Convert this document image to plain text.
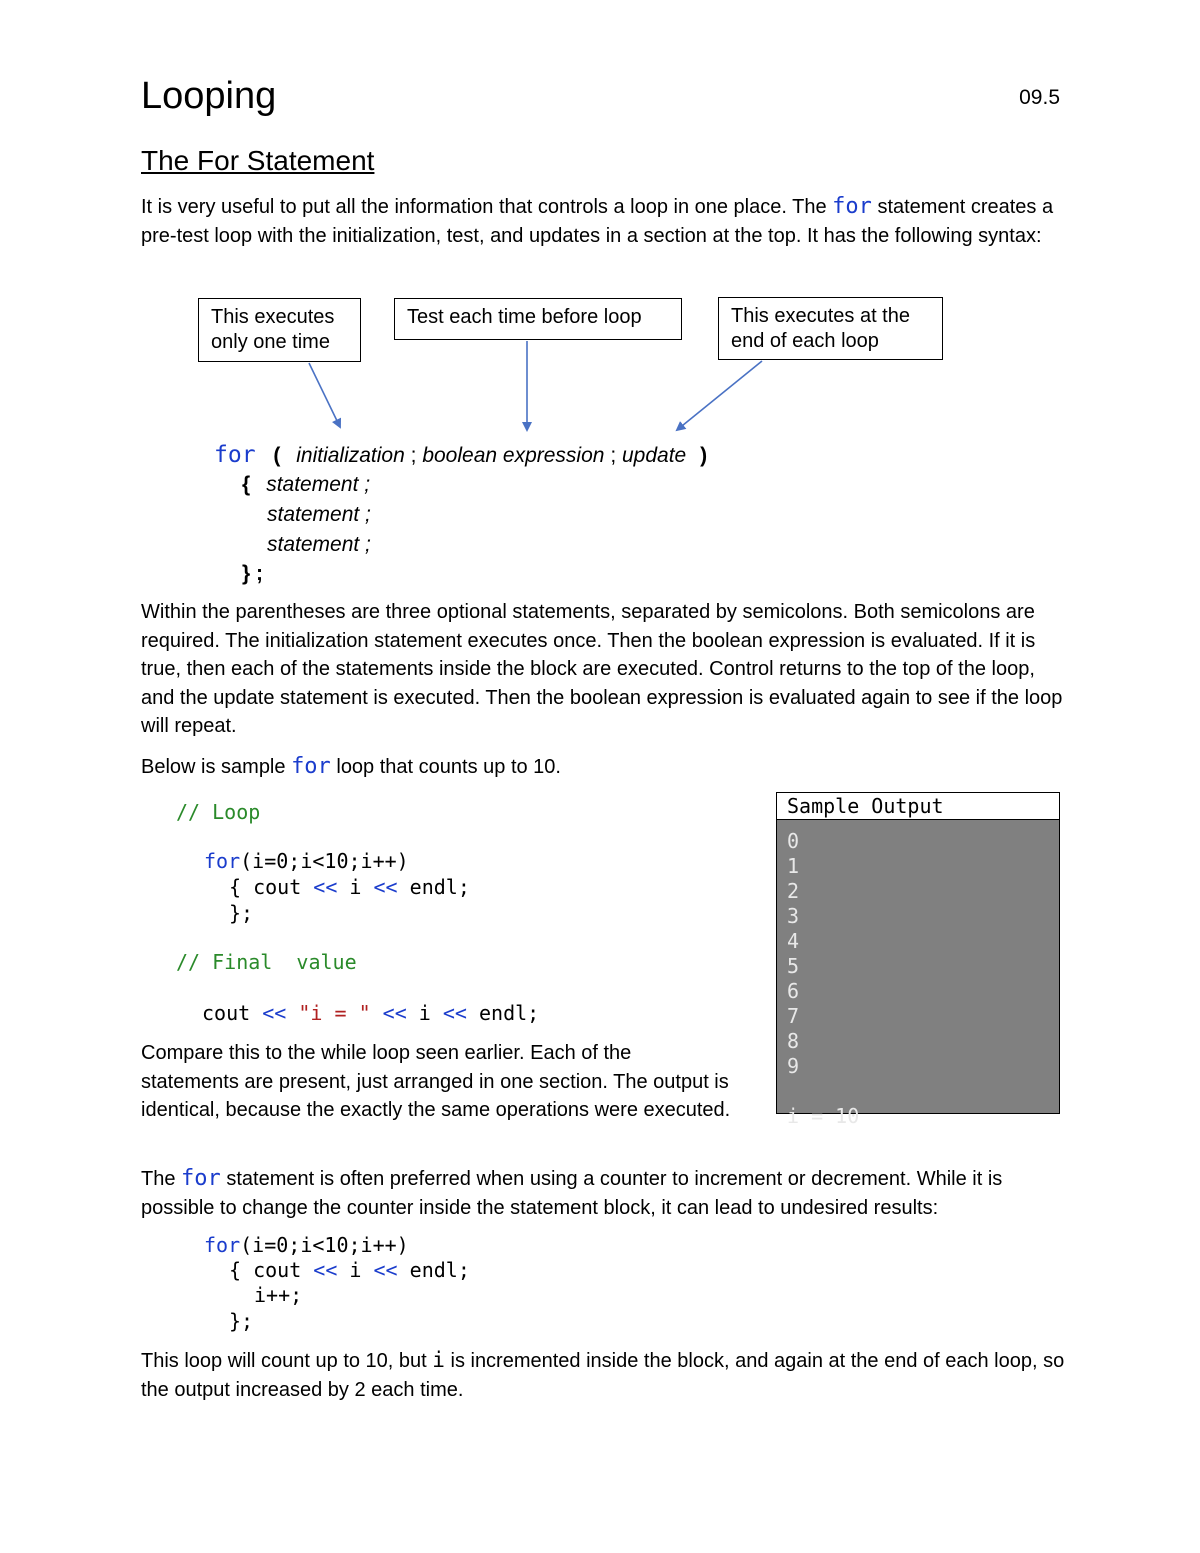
Looping	09.5
The For Statement
It is very useful to put all the information that controls a loop in one place. The for statement creates a pre-test loop with the initialization, test, and updates in a section at the top. It has the following syntax:
This executes only one time
Test each time before loop	This executes at the end of each loop
for ( initialization ; boolean expression ; update )
{ statement ;
statement ;
statement ;
} ;
Within the parentheses are three optional statements, separated by semicolons. Both semicolons are required. The initialization statement executes once. Then the boolean expression is evaluated. If it is true, then each of the statements inside the block are executed. Control returns to the top of the loop, and the update statement is executed. Then the boolean expression is evaluated again to see if the loop will repeat.
Below is sample for loop that counts up to 10.
// Loop
for(i=0;i<10;i++)
{ cout << i << endl;
};
// Final  value
cout << "i = " << i << endl;
Sample Output
0
1
2
3
4
5
6
7
8
9
i = 10
Compare this to the while loop seen earlier. Each of the statements are present, just arranged in one section. The output is identical, because the exactly the same operations were executed.
The for statement is often preferred when using a counter to increment or decrement. While it is possible to change the counter inside the statement block, it can lead to undesired results:
for(i=0;i<10;i++)
{ cout << i << endl;
i++;
};
This loop will count up to 10, but i is incremented inside the block, and again at the end of each loop, so the output increased by 2 each time.
